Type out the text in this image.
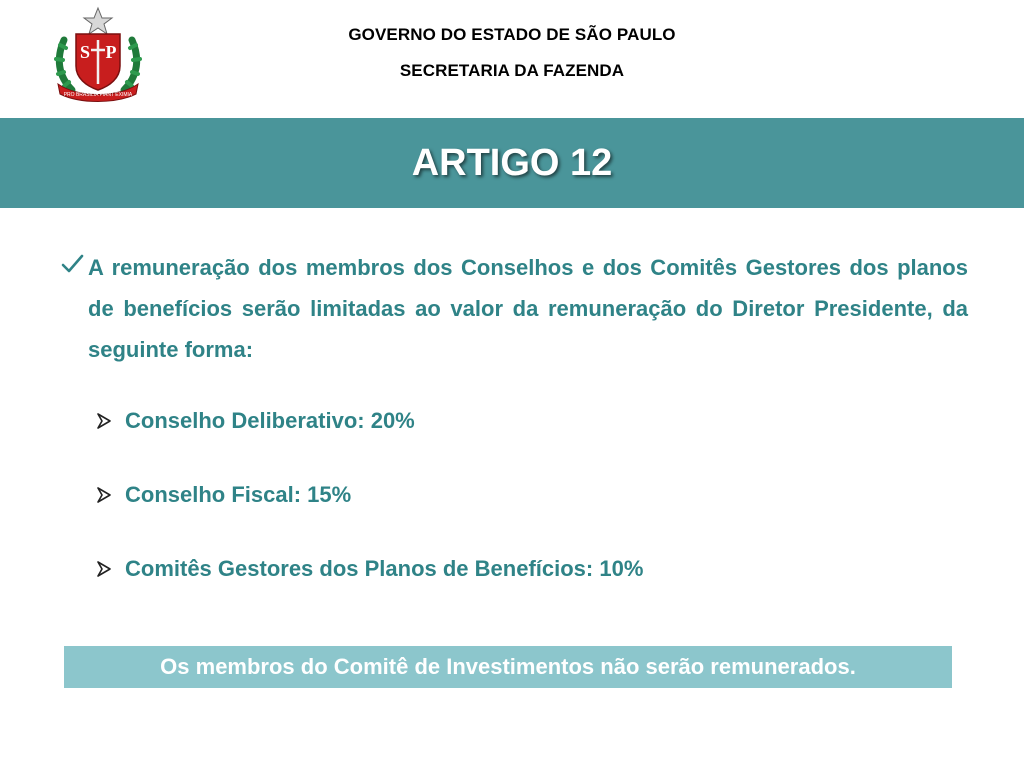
S P
PRO BRASILIA FIANT EXIMIA
GOVERNO DO ESTADO DE SÃO PAULO
SECRETARIA DA FAZENDA
ARTIGO 12
A remuneração dos membros dos Conselhos e dos Comitês Gestores dos planos de benefícios serão limitadas ao valor da remuneração do Diretor Presidente, da seguinte forma:
Conselho Deliberativo: 20%
Conselho Fiscal: 15%
Comitês Gestores dos Planos de Benefícios: 10%
Os membros do Comitê de Investimentos não serão remunerados.
